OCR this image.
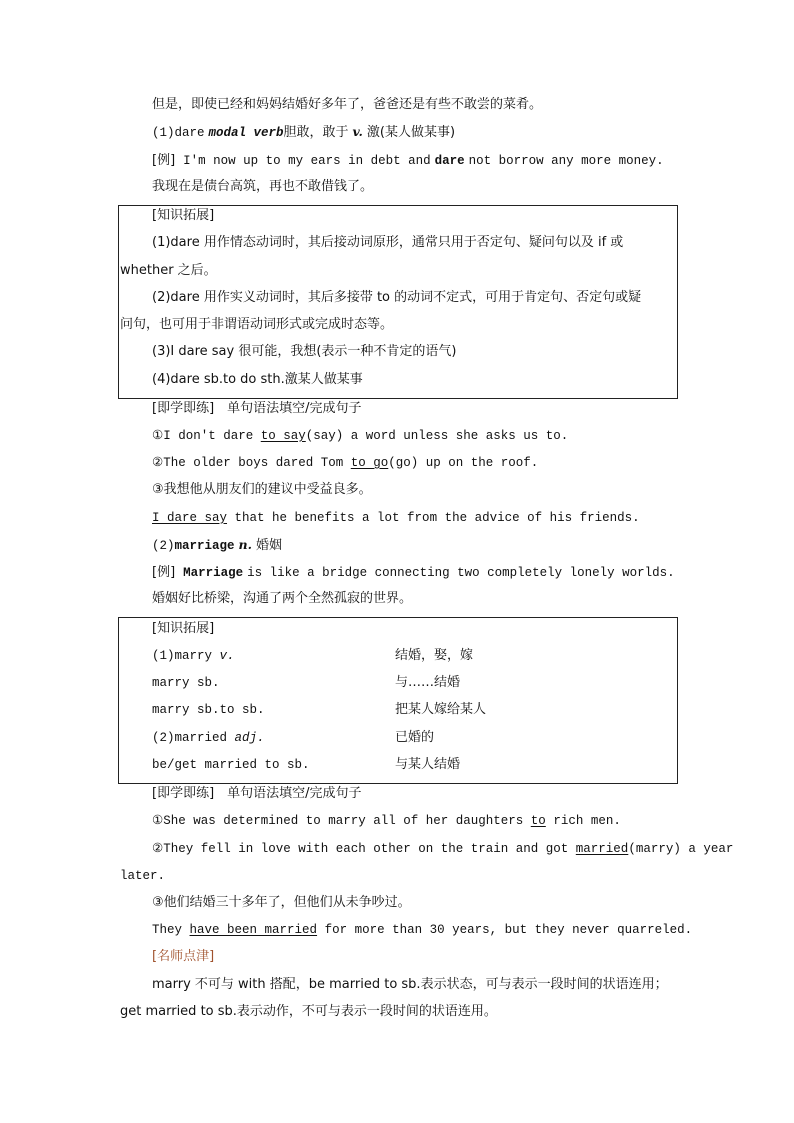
但是，即使已经和妈妈结婚好多年了，爸爸还是有些不敢尝的菜肴。
(1)dare modal verb胆敢，敢于 v. 激(某人做某事)
[例] I'm now up to my ears in debt and dare not borrow any more money.
我现在是债台高筑，再也不敢借钱了。
[知识拓展]
(1)dare 用作情态动词时，其后接动词原形，通常只用于否定句、疑问句以及 if 或
whether 之后。
(2)dare 用作实义动词时，其后多接带 to 的动词不定式，可用于肯定句、否定句或疑
问句，也可用于非谓语动词形式或完成时态等。
(3)I dare say 很可能，我想(表示一种不肯定的语气)
(4)dare sb.to do sth.激某人做某事
[即学即练]　单句语法填空/完成句子
①I don't dare to say(say) a word unless she asks us to.
②The older boys dared Tom to go(go) up on the roof.
③我想他从朋友们的建议中受益良多。
I dare say that he benefits a lot from the advice of his friends.
(2)marriage n. 婚姻
[例] Marriage is like a bridge connecting two completely lonely worlds.
婚姻好比桥梁，沟通了两个全然孤寂的世界。
[知识拓展]
(1)marry v.	结婚，娶，嫁
marry sb.	与……结婚
marry sb.to sb.	把某人嫁给某人
(2)married adj.	已婚的
be/get married to sb.	与某人结婚
[即学即练]　单句语法填空/完成句子
①She was determined to marry all of her daughters to rich men.
②They fell in love with each other on the train and got married(marry) a year
later.
③他们结婚三十多年了，但他们从未争吵过。
They have been married for more than 30 years, but they never quarreled.
[名师点津]
marry 不可与 with 搭配，be married to sb.表示状态，可与表示一段时间的状语连用；
get married to sb.表示动作，不可与表示一段时间的状语连用。
